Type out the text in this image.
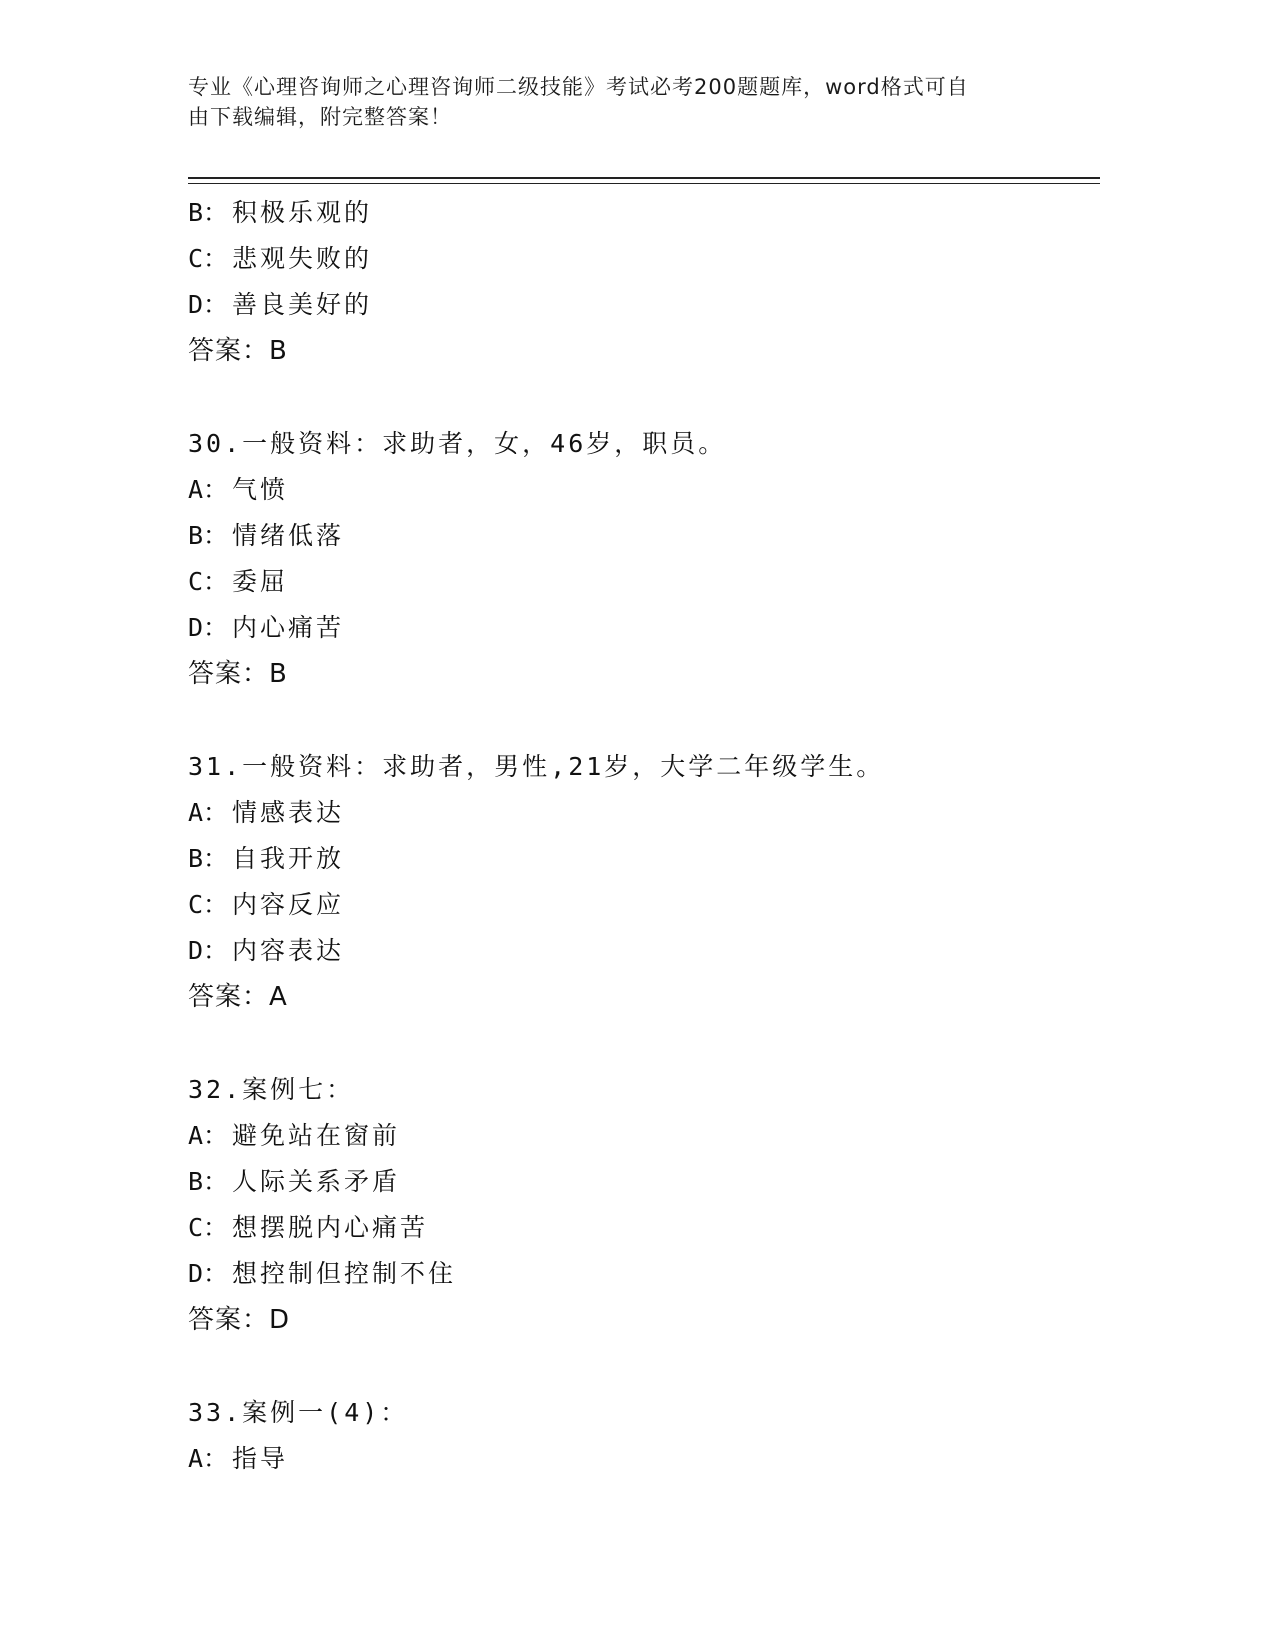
专业《心理咨询师之心理咨询师二级技能》考试必考200题题库，word格式可自
由下载编辑，附完整答案！
B： 积极乐观的
C： 悲观失败的
D： 善良美好的
答案：B
30.一般资料：求助者，女，46岁，职员。
A： 气愤
B： 情绪低落
C： 委屈
D： 内心痛苦
答案：B
31.一般资料：求助者，男性,21岁，大学二年级学生。
A： 情感表达
B： 自我开放
C： 内容反应
D： 内容表达
答案：A
32.案例七：
A： 避免站在窗前
B： 人际关系矛盾
C： 想摆脱内心痛苦
D： 想控制但控制不住
答案：D
33.案例一(4)：
A： 指导
